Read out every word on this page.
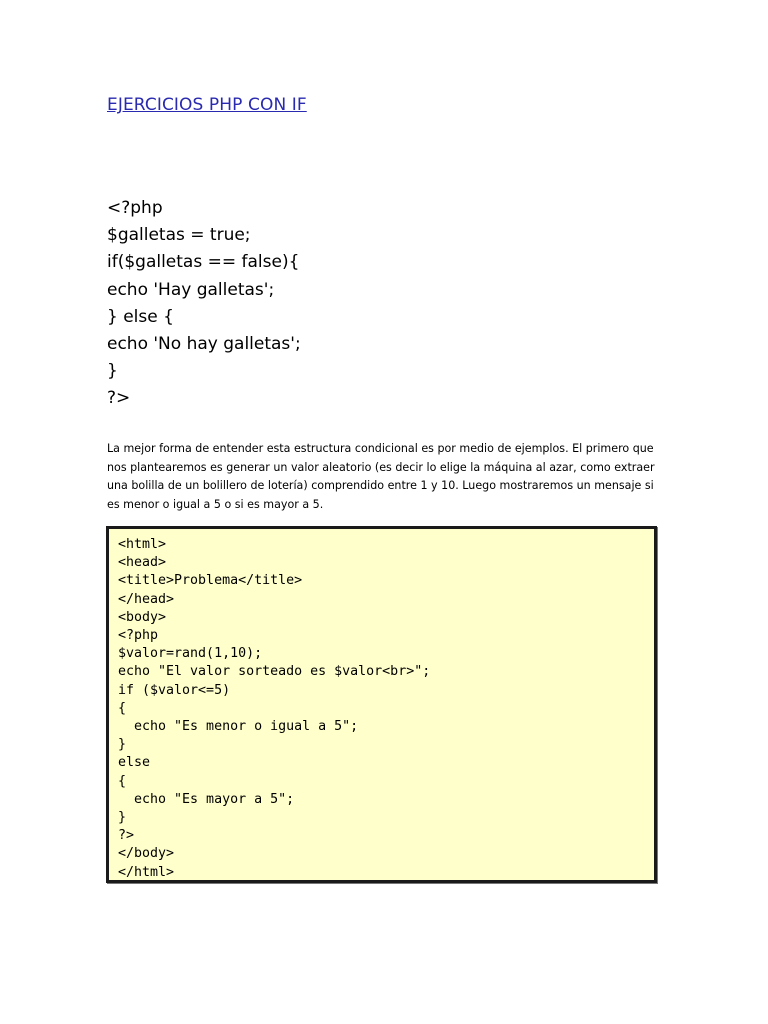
EJERCICIOS PHP CON IF
<?php
$galletas = true;
if($galletas == false){
echo 'Hay galletas';
} else {
echo 'No hay galletas';
}
?>
La mejor forma de entender esta estructura condicional es por medio de ejemplos. El primero que
nos plantearemos es generar un valor aleatorio (es decir lo elige la máquina al azar, como extraer
una bolilla de un bolillero de lotería) comprendido entre 1 y 10. Luego mostraremos un mensaje si
es menor o igual a 5 o si es mayor a 5.
<html>
<head>
<title>Problema</title>
</head>
<body>
<?php
$valor=rand(1,10);
echo "El valor sorteado es $valor<br>";
if ($valor<=5)
{
echo "Es menor o igual a 5";
}
else
{
echo "Es mayor a 5";
}
?>
</body>
</html>
